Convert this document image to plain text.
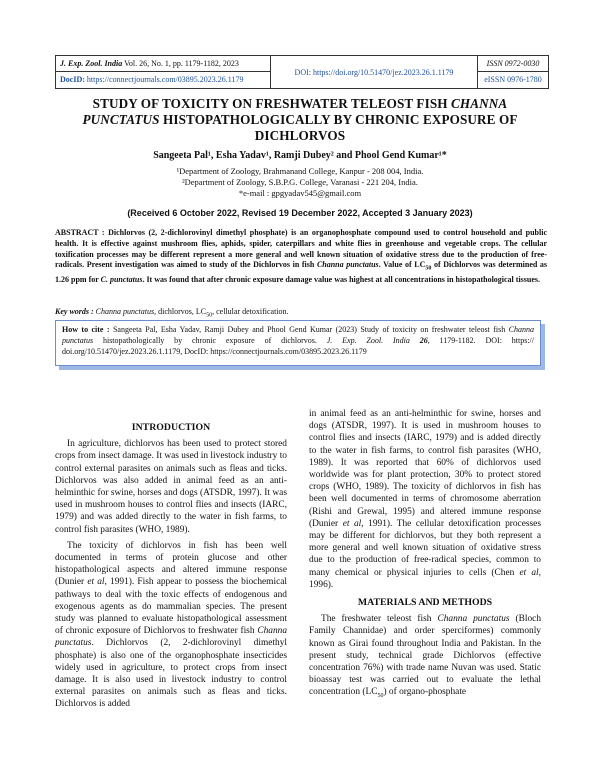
J. Exp. Zool. India Vol. 26, No. 1, pp. 1179-1182, 2023
DocID: https://connectjournals.com/03895.2023.26.1179
DOI: https://doi.org/10.51470/jez.2023.26.1.1179
ISSN 0972-0030
eISSN 0976-1780
STUDY OF TOXICITY ON FRESHWATER TELEOST FISH CHANNA PUNCTATUS HISTOPATHOLOGICALLY BY CHRONIC EXPOSURE OF DICHLORVOS
Sangeeta Pal¹, Esha Yadav¹, Ramji Dubey² and Phool Gend Kumar¹*
¹Department of Zoology, Brahmanand College, Kanpur - 208 004, India.
²Department of Zoology, S.B.P.G. College, Varanasi - 221 204, India.
*e-mail : gpgyadav545@gmail.com
(Received 6 October 2022, Revised 19 December 2022, Accepted 3 January 2023)
ABSTRACT : Dichlorvos (2, 2-dichlorovinyl dimethyl phosphate) is an organophosphate compound used to control household and public health. It is effective against mushroom flies, aphids, spider, caterpillars and white flies in greenhouse and vegetable crops. The cellular toxification processes may be different represent a more general and well known situation of oxidative stress due to the production of free-radicals. Present investigation was aimed to study of the Dichlorvos in fish Channa punctatus. Value of $LC_{50}$ of Dichlorvos was determined as 1.26 ppm for C. punctatus. It was found that after chronic exposure damage value was highest at all concentrations in histopathological tissues.
Key words : Channa punctatus, dichlorvos, $LC_{50}$, cellular detoxification.
How to cite : Sangeeta Pal, Esha Yadav, Ramji Dubey and Phool Gend Kumar (2023) Study of toxicity on freshwater teleost fish Channa punctatus histopathologically by chronic exposure of dichlorvos. J. Exp. Zool. India 26, 1179-1182. DOI: https:// doi.org/10.51470/jez.2023.26.1.1179, DocID: https://connectjournals.com/03895.2023.26.1179

INTRODUCTION

In agriculture, dichlorvos has been used to protect stored crops from insect damage. It was used in livestock industry to control external parasites on animals such as fleas and ticks. Dichlorvos was also added in animal feed as an anti-helminthic for swine, horses and dogs (ATSDR, 1997). It was used in mushroom houses to control flies and insects (IARC, 1979) and was added directly to the water in fish farms, to control fish parasites (WHO, 1989).

The toxicity of dichlorvos in fish has been well documented in terms of protein glucose and other histopathological aspects and altered immune response (Dunier et al, 1991). Fish appear to possess the biochemical pathways to deal with the toxic effects of endogenous and exogenous agents as do mammalian species. The present study was planned to evaluate histopathological assessment of chronic exposure of Dichlorvos to freshwater fish Channa punctatus. Dichlorvos (2, 2-dichlorovinyl dimethyl phosphate) is also one of the organophosphate insecticides widely used in agriculture, to protect crops from insect damage. It is also used in livestock industry to control external parasites on animals such as fleas and ticks. Dichlorvos is added

in animal feed as an anti-helminthic for swine, horses and dogs (ATSDR, 1997). It is used in mushroom houses to control flies and insects (IARC, 1979) and is added directly to the water in fish farms, to control fish parasites (WHO, 1989). It was reported that 60% of dichlorvos used worldwide was for plant protection, 30% to protect stored crops (WHO, 1989). The toxicity of dichlorvos in fish has been well documented in terms of chromosome aberration (Rishi and Grewal, 1995) and altered immune response (Dunier et al, 1991). The cellular detoxification processes may be different for dichlorvos, but they both represent a more general and well known situation of oxidative stress due to the production of free-radical species, common to many chemical or physical injuries to cells (Chen et al, 1996).

MATERIALS AND METHODS

The freshwater teleost fish Channa punctatus (Bloch Family Channidae) and order sperciformes) commonly known as Girai found throughout India and Pakistan. In the present study, technical grade Dichlorvos (effective concentration 76%) with trade name Nuvan was used. Static bioassay test was carried out to evaluate the lethal concentration $(LC_{50})$ of organo-phosphate
